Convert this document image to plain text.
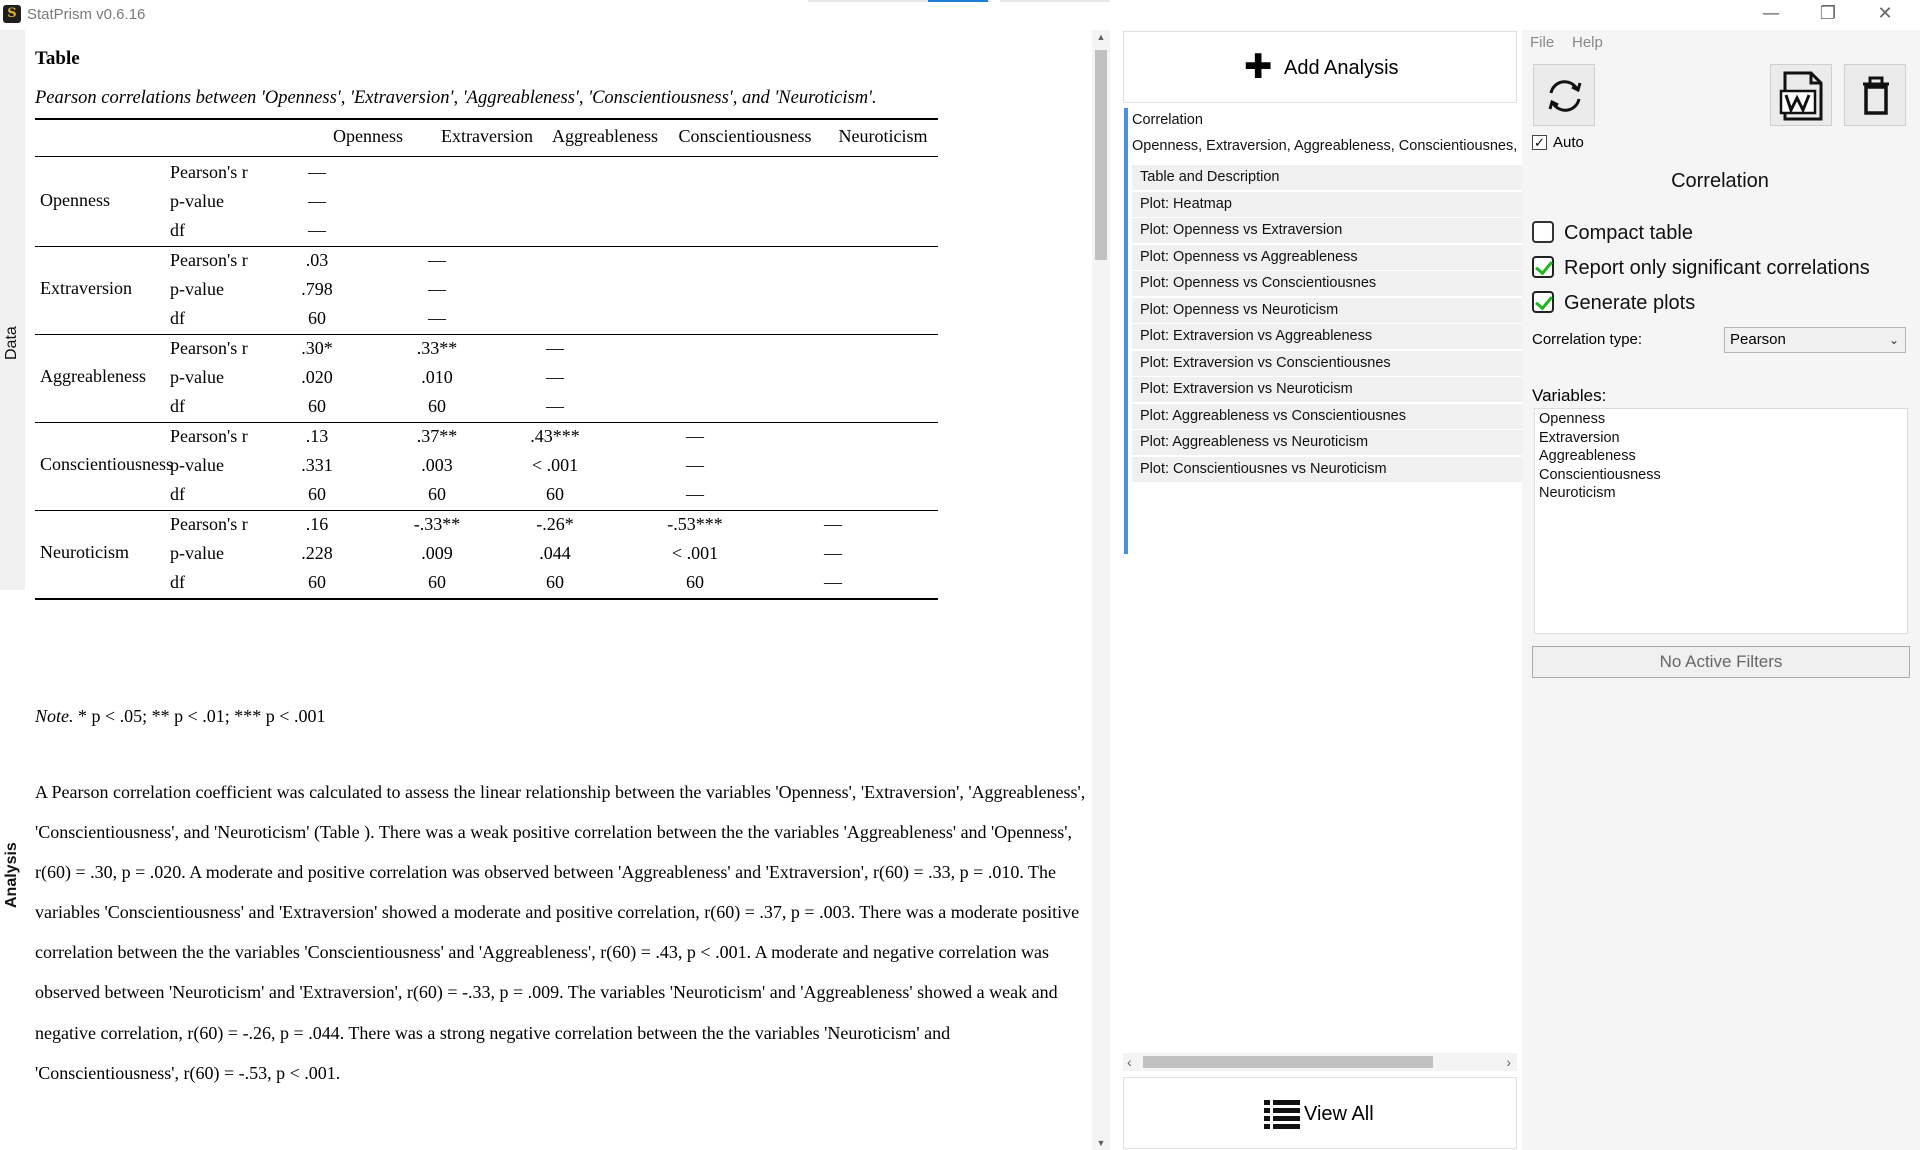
S StatPrism v0.6.16	—	❐	✕
Data
Analysis
Table
Pearson correlations between 'Openness', 'Extraversion', 'Aggreableness', 'Conscientiousness', and 'Neuroticism'.
Openness	Extraversion	Aggreableness	Conscientiousness	Neuroticism
Openness
Pearson's r	—
p-value	—
df	—
Extraversion
Pearson's r	.03	—
p-value	.798	—
df	60	—
Aggreableness
Pearson's r	.30*	.33**	—
p-value	.020	.010	—
df	60	60	—
Conscientiousness
Pearson's r	.13	.37**	.43***	—
p-value	.331	.003	< .001	—
df	60	60	60	—
Neuroticism
Pearson's r	.16	-.33**	-.26*	-.53***	—
p-value	.228	.009	.044	< .001	—
df	60	60	60	60	—
Note. * p < .05; ** p < .01; *** p < .001
A Pearson correlation coefficient was calculated to assess the linear relationship between the variables 'Openness', 'Extraversion', 'Aggreableness', 'Conscientiousness', and 'Neuroticism' (Table ). There was a weak positive correlation between the the variables 'Aggreableness' and 'Openness', r(60) = .30, p = .020. A moderate and positive correlation was observed between 'Aggreableness' and 'Extraversion', r(60) = .33, p = .010. The variables 'Conscientiousness' and 'Extraversion' showed a moderate and positive correlation, r(60) = .37, p = .003. There was a moderate positive correlation between the the variables 'Conscientiousness' and 'Aggreableness', r(60) = .43, p < .001. A moderate and negative correlation was observed between 'Neuroticism' and 'Extraversion', r(60) = -.33, p = .009. The variables 'Neuroticism' and 'Aggreableness' showed a weak and negative correlation, r(60) = -.26, p = .044. There was a strong negative correlation between the the variables 'Neuroticism' and 'Conscientiousness', r(60) = -.53, p < .001.
▲
▼
✚ Add Analysis
Correlation
Openness, Extraversion, Aggreableness, Conscientiousnes,
Table and Description
Plot: Heatmap
Plot: Openness vs Extraversion
Plot: Openness vs Aggreableness
Plot: Openness vs Conscientiousnes
Plot: Openness vs Neuroticism
Plot: Extraversion vs Aggreableness
Plot: Extraversion vs Conscientiousnes
Plot: Extraversion vs Neuroticism
Plot: Aggreableness vs Conscientiousnes
Plot: Aggreableness vs Neuroticism
Plot: Conscientiousnes vs Neuroticism
‹	›
View All
File Help
✓ Auto
Correlation
Compact table
Report only significant correlations
Generate plots
Correlation type:	Pearson	⌄
Variables:
Openness
Extraversion
Aggreableness
Conscientiousness
Neuroticism
No Active Filters
